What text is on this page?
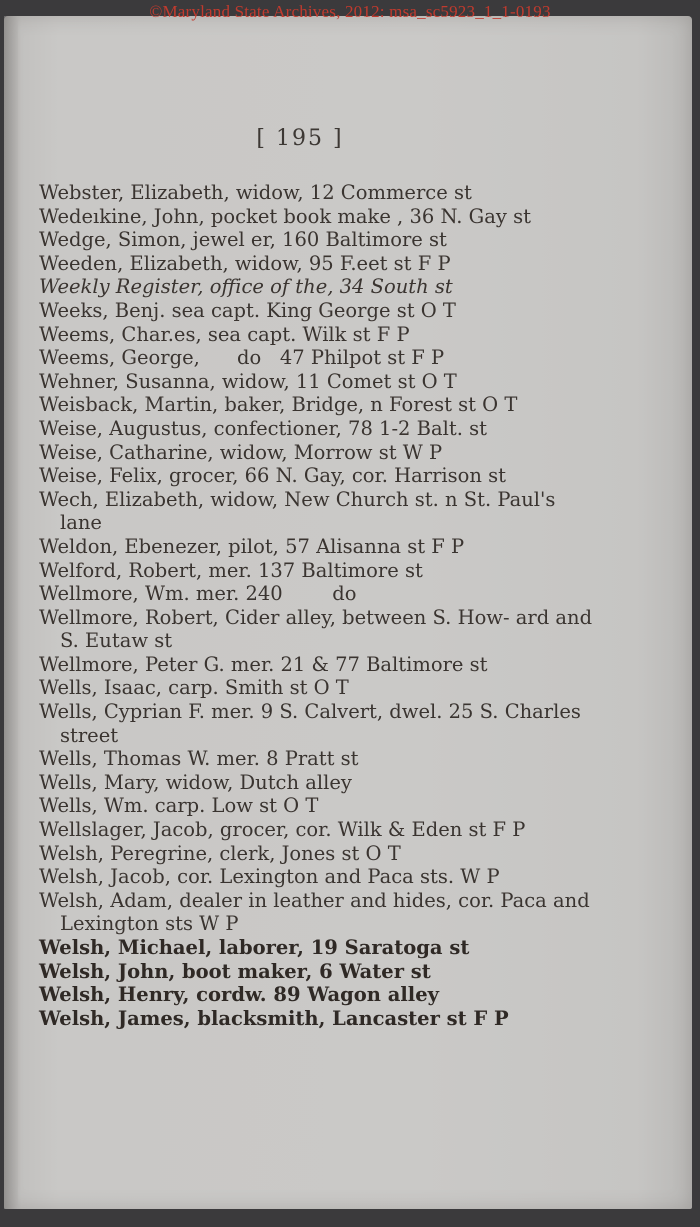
©Maryland State Archives, 2012: msa_sc5923_1_1-0193
[ 195 ]

Webster, Elizabeth, widow, 12 Commerce st

Wedeıkine, John, pocket book make , 36 N. Gay st

Wedge, Simon, jewel er, 160 Baltimore st

Weeden, Elizabeth, widow, 95 F.eet st F P

Weekly Register, office of the, 34 South st

Weeks, Benj. sea capt. King George st O T

Weems, Char.es, sea capt. Wilk st F P

Weems, George,      do   47 Philpot st F P

Wehner, Susanna, widow, 11 Comet st O T

Weisback, Martin, baker, Bridge, n Forest st O T

Weise, Augustus, confectioner, 78 1-2 Balt. st

Weise, Catharine, widow, Morrow st W P

Weise, Felix, grocer, 66 N. Gay, cor. Harrison st

Wech, Elizabeth, widow, New Church st. n St. Paul's lane

Weldon, Ebenezer, pilot, 57 Alisanna st F P

Welford, Robert, mer. 137 Baltimore st

Wellmore, Wm. mer. 240        do

Wellmore, Robert, Cider alley, between S. How- ard and S. Eutaw st

Wellmore, Peter G. mer. 21 & 77 Baltimore st

Wells, Isaac, carp. Smith st O T

Wells, Cyprian F. mer. 9 S. Calvert, dwel. 25 S. Charles street

Wells, Thomas W. mer. 8 Pratt st

Wells, Mary, widow, Dutch alley

Wells, Wm. carp. Low st O T

Wellslager, Jacob, grocer, cor. Wilk & Eden st F P

Welsh, Peregrine, clerk, Jones st O T

Welsh, Jacob, cor. Lexington and Paca sts. W P

Welsh, Adam, dealer in leather and hides, cor. Paca and Lexington sts W P

Welsh, Michael, laborer, 19 Saratoga st

Welsh, John, boot maker, 6 Water st

Welsh, Henry, cordw. 89 Wagon alley

Welsh, James, blacksmith, Lancaster st F P
